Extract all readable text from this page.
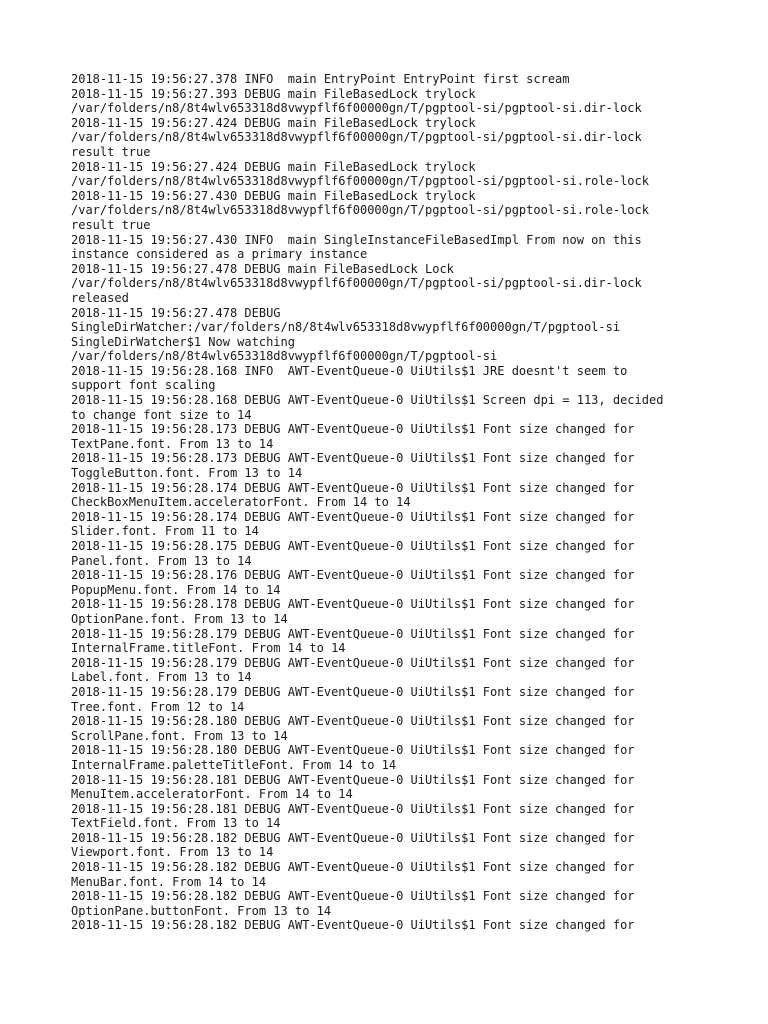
2018-11-15 19:56:27.378 INFO  main EntryPoint EntryPoint first scream
2018-11-15 19:56:27.393 DEBUG main FileBasedLock trylock
/var/folders/n8/8t4wlv653318d8vwypflf6f00000gn/T/pgptool-si/pgptool-si.dir-lock
2018-11-15 19:56:27.424 DEBUG main FileBasedLock trylock
/var/folders/n8/8t4wlv653318d8vwypflf6f00000gn/T/pgptool-si/pgptool-si.dir-lock
result true
2018-11-15 19:56:27.424 DEBUG main FileBasedLock trylock
/var/folders/n8/8t4wlv653318d8vwypflf6f00000gn/T/pgptool-si/pgptool-si.role-lock
2018-11-15 19:56:27.430 DEBUG main FileBasedLock trylock
/var/folders/n8/8t4wlv653318d8vwypflf6f00000gn/T/pgptool-si/pgptool-si.role-lock
result true
2018-11-15 19:56:27.430 INFO  main SingleInstanceFileBasedImpl From now on this
instance considered as a primary instance
2018-11-15 19:56:27.478 DEBUG main FileBasedLock Lock
/var/folders/n8/8t4wlv653318d8vwypflf6f00000gn/T/pgptool-si/pgptool-si.dir-lock
released
2018-11-15 19:56:27.478 DEBUG
SingleDirWatcher:/var/folders/n8/8t4wlv653318d8vwypflf6f00000gn/T/pgptool-si
SingleDirWatcher$1 Now watching
/var/folders/n8/8t4wlv653318d8vwypflf6f00000gn/T/pgptool-si
2018-11-15 19:56:28.168 INFO  AWT-EventQueue-0 UiUtils$1 JRE doesnt't seem to
support font scaling
2018-11-15 19:56:28.168 DEBUG AWT-EventQueue-0 UiUtils$1 Screen dpi = 113, decided
to change font size to 14
2018-11-15 19:56:28.173 DEBUG AWT-EventQueue-0 UiUtils$1 Font size changed for
TextPane.font. From 13 to 14
2018-11-15 19:56:28.173 DEBUG AWT-EventQueue-0 UiUtils$1 Font size changed for
ToggleButton.font. From 13 to 14
2018-11-15 19:56:28.174 DEBUG AWT-EventQueue-0 UiUtils$1 Font size changed for
CheckBoxMenuItem.acceleratorFont. From 14 to 14
2018-11-15 19:56:28.174 DEBUG AWT-EventQueue-0 UiUtils$1 Font size changed for
Slider.font. From 11 to 14
2018-11-15 19:56:28.175 DEBUG AWT-EventQueue-0 UiUtils$1 Font size changed for
Panel.font. From 13 to 14
2018-11-15 19:56:28.176 DEBUG AWT-EventQueue-0 UiUtils$1 Font size changed for
PopupMenu.font. From 14 to 14
2018-11-15 19:56:28.178 DEBUG AWT-EventQueue-0 UiUtils$1 Font size changed for
OptionPane.font. From 13 to 14
2018-11-15 19:56:28.179 DEBUG AWT-EventQueue-0 UiUtils$1 Font size changed for
InternalFrame.titleFont. From 14 to 14
2018-11-15 19:56:28.179 DEBUG AWT-EventQueue-0 UiUtils$1 Font size changed for
Label.font. From 13 to 14
2018-11-15 19:56:28.179 DEBUG AWT-EventQueue-0 UiUtils$1 Font size changed for
Tree.font. From 12 to 14
2018-11-15 19:56:28.180 DEBUG AWT-EventQueue-0 UiUtils$1 Font size changed for
ScrollPane.font. From 13 to 14
2018-11-15 19:56:28.180 DEBUG AWT-EventQueue-0 UiUtils$1 Font size changed for
InternalFrame.paletteTitleFont. From 14 to 14
2018-11-15 19:56:28.181 DEBUG AWT-EventQueue-0 UiUtils$1 Font size changed for
MenuItem.acceleratorFont. From 14 to 14
2018-11-15 19:56:28.181 DEBUG AWT-EventQueue-0 UiUtils$1 Font size changed for
TextField.font. From 13 to 14
2018-11-15 19:56:28.182 DEBUG AWT-EventQueue-0 UiUtils$1 Font size changed for
Viewport.font. From 13 to 14
2018-11-15 19:56:28.182 DEBUG AWT-EventQueue-0 UiUtils$1 Font size changed for
MenuBar.font. From 14 to 14
2018-11-15 19:56:28.182 DEBUG AWT-EventQueue-0 UiUtils$1 Font size changed for
OptionPane.buttonFont. From 13 to 14
2018-11-15 19:56:28.182 DEBUG AWT-EventQueue-0 UiUtils$1 Font size changed for
